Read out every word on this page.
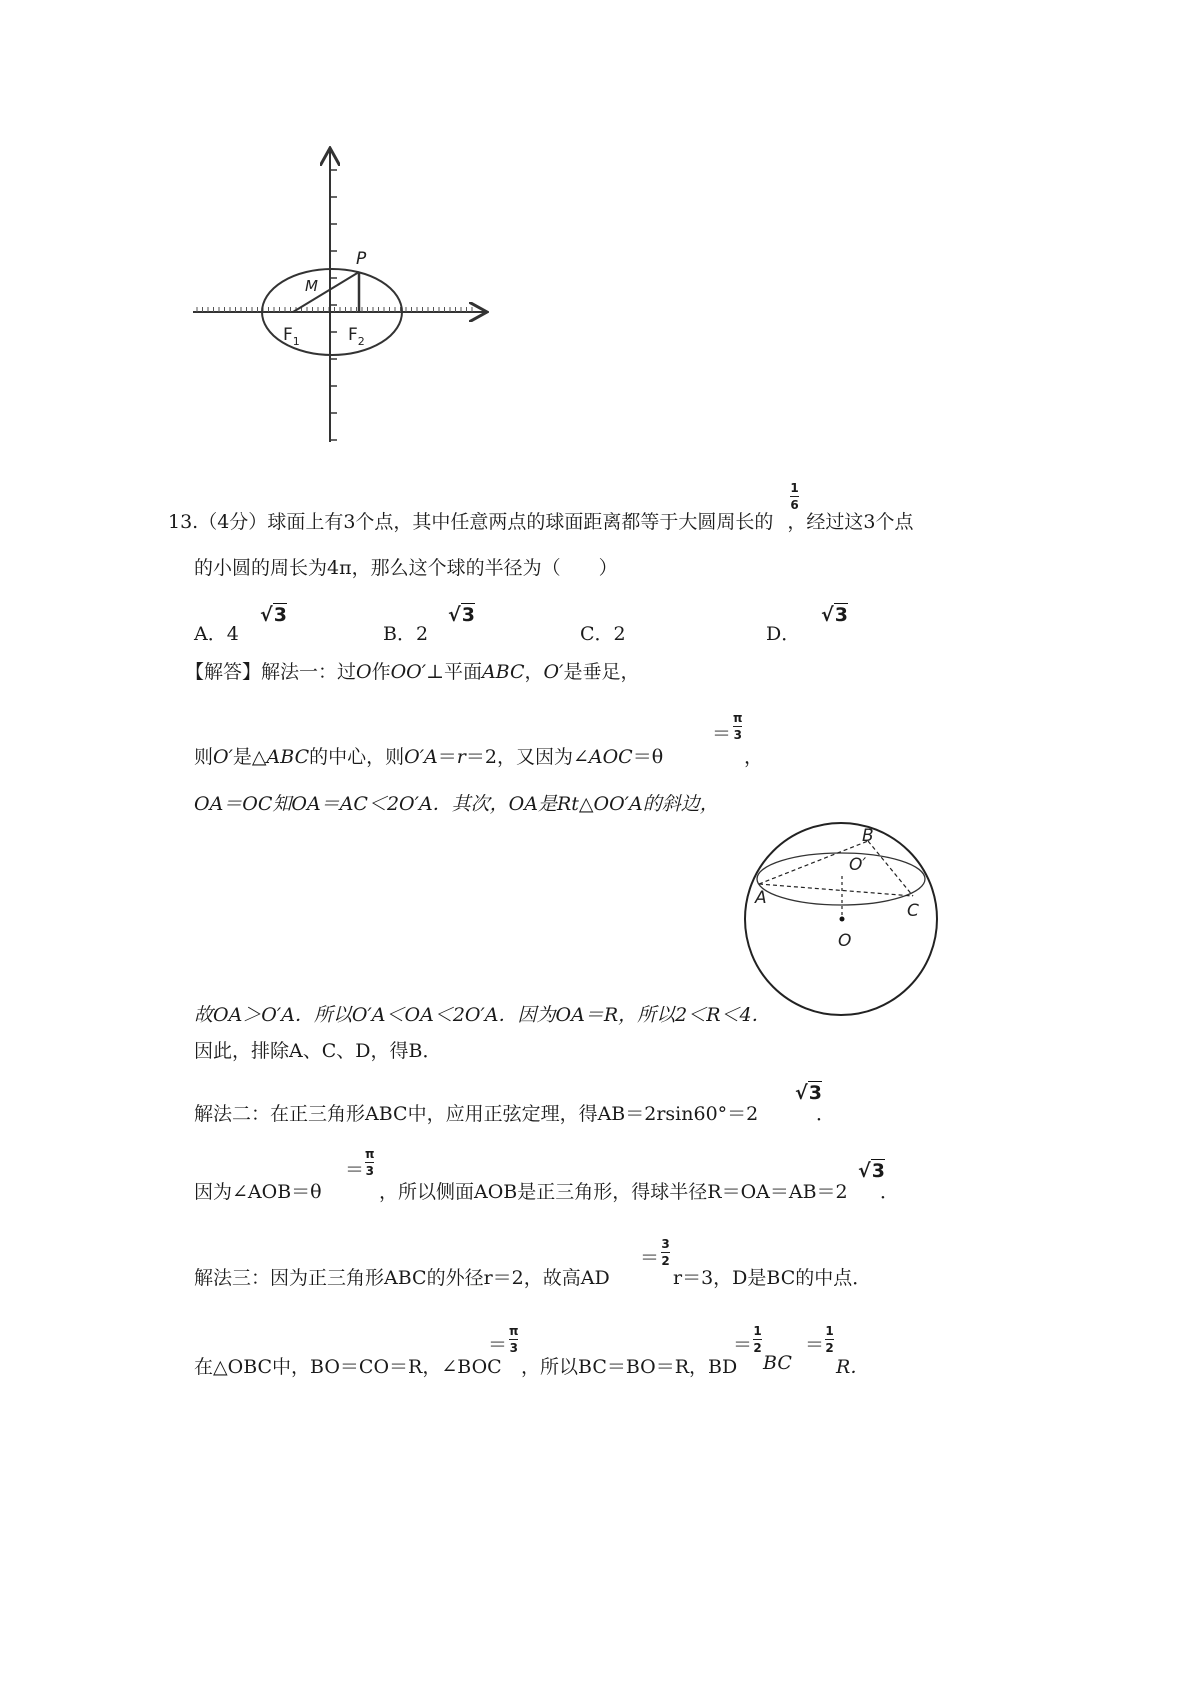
P
M
$F_1$	$F_2$
13.（4分）球面上有3个点，其中任意两点的球面距离都等于大圆周长的 ，经过这3个点
1
6
的小圆的周长为4π，那么这个球的半径为（　　）
A．4
√3
B．2
√3
C．2	D．
√3
【解答】解法一：过O作OO′⊥平面ABC，O′是垂足，
则O′是△ABC的中心，则O′A＝r＝2，又因为∠AOC＝θ
＝
π
3
，
OA＝OC知OA＝AC＜2O′A．其次，OA是Rt△OO′A的斜边，
B
O′
A
C
O
故OA＞O′A．所以O′A＜OA＜2O′A．因为OA＝R，所以2＜R＜4．
因此，排除A、C、D，得B．
解法二：在正三角形ABC中，应用正弦定理，得AB＝2rsin60°＝2
√3
．
因为∠AOB＝θ
＝
π
3
，所以侧面AOB是正三角形，得球半径R＝OA＝AB＝2
√3
．
解法三：因为正三角形ABC的外径r＝2，故高AD
＝
3
2
r＝3，D是BC的中点．
在△OBC中，BO＝CO＝R，∠BOC
＝
π
3
，所以BC＝BO＝R，BD
＝
1
2
BC
＝
1
2
R．
